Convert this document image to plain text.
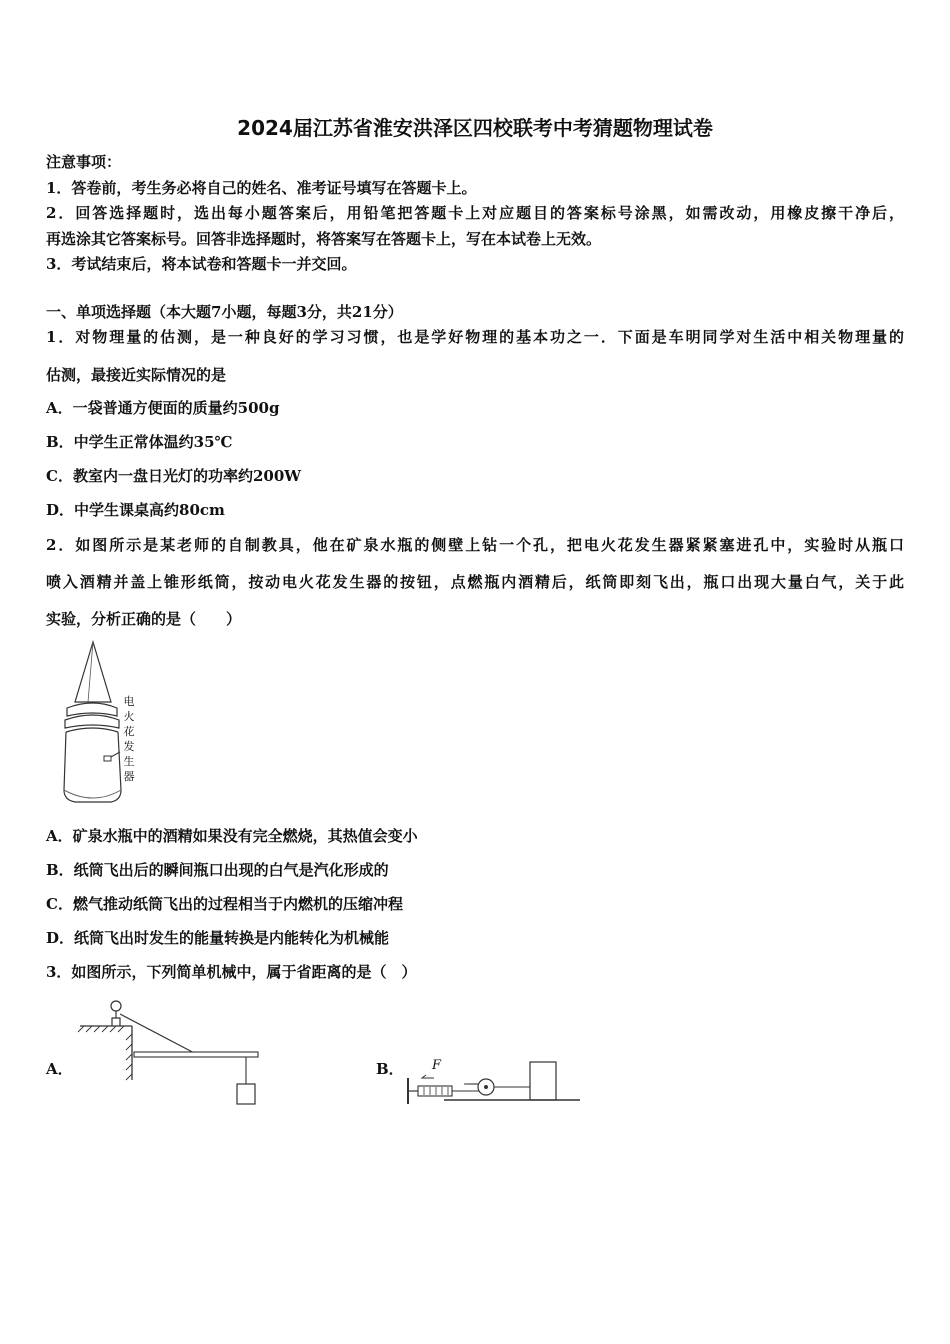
2024届江苏省淮安洪泽区四校联考中考猜题物理试卷
注意事项：
1．答卷前，考生务必将自己的姓名、准考证号填写在答题卡上。
2．回答选择题时，选出每小题答案后，用铅笔把答题卡上对应题目的答案标号涂黑，如需改动，用橡皮擦干净后，
再选涂其它答案标号。回答非选择题时，将答案写在答题卡上，写在本试卷上无效。
3．考试结束后，将本试卷和答题卡一并交回。
一、单项选择题（本大题7小题，每题3分，共21分）
1．对物理量的估测，是一种良好的学习习惯，也是学好物理的基本功之一．下面是车明同学对生活中相关物理量的
估测，最接近实际情况的是
A．一袋普通方便面的质量约500g
B．中学生正常体温约35℃
C．教室内一盘日光灯的功率约200W
D．中学生课桌高约80cm
2．如图所示是某老师的自制教具，他在矿泉水瓶的侧壁上钻一个孔，把电火花发生器紧紧塞进孔中，实验时从瓶口
喷入酒精并盖上锥形纸筒，按动电火花发生器的按钮，点燃瓶内酒精后，纸筒即刻飞出，瓶口出现大量白气，关于此
实验，分析正确的是（　　）
电
火
花
发
生
器
A．矿泉水瓶中的酒精如果没有完全燃烧，其热值会变小
B．纸筒飞出后的瞬间瓶口出现的白气是汽化形成的
C．燃气推动纸筒飞出的过程相当于内燃机的压缩冲程
D．纸筒飞出时发生的能量转换是内能转化为机械能
3．如图所示，下列简单机械中，属于省距离的是（　）
A．	B． F
